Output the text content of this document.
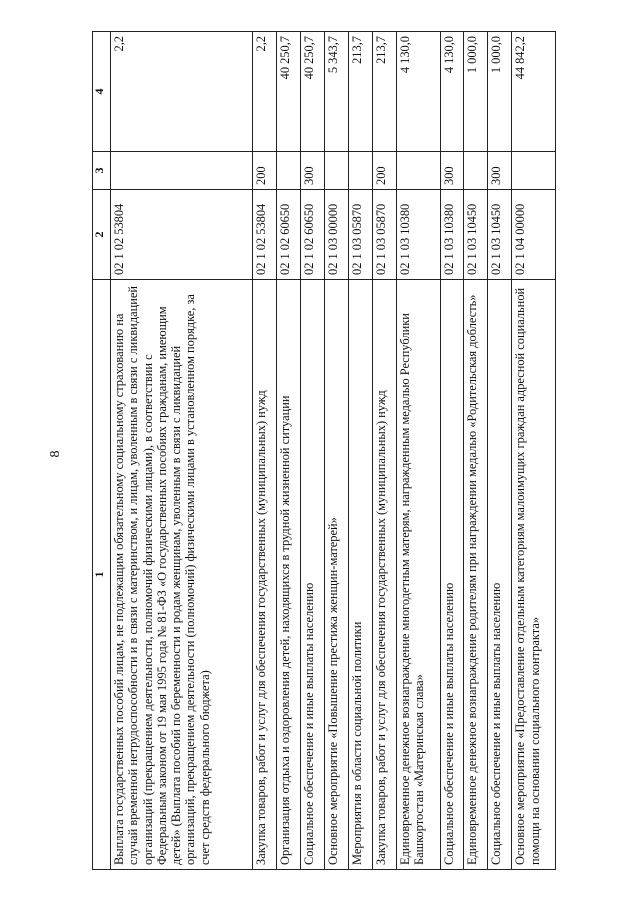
8
1	2	3	4
Выплата государственных пособий лицам, не подлежащим обязательному социальному страхованию на случай временной нетрудоспособности и в связи с материнством, и лицам, уволенным в связи с ликвидацией организаций (прекращением деятельности, полномочий физическими лицами), в соответствии с Федеральным законом от 19 мая 1995 года № 81-ФЗ «О государственных пособиях гражданам, имеющим детей» (Выплата пособий по беременности и родам женщинам, уволенным в связи с ликвидацией организаций, прекращением деятельности (полномочий) физическими лицами в установленном порядке, за счет средств федерального бюджета)	02 1 02 53804		2,2
Закупка товаров, работ и услуг для обеспечения государственных (муниципальных) нужд	02 1 02 53804	200	2,2
Организация отдыха и оздоровления детей, находящихся в трудной жизненной ситуации	02 1 02 60650		40 250,7
Социальное обеспечение и иные выплаты населению	02 1 02 60650	300	40 250,7
Основное мероприятие «Повышение престижа женщин-матерей»	02 1 03 00000		5 343,7
Мероприятия в области социальной политики	02 1 03 05870		213,7
Закупка товаров, работ и услуг для обеспечения государственных (муниципальных) нужд	02 1 03 05870	200	213,7
Единовременное денежное вознаграждение многодетным матерям, награжденным медалью Республики Башкортостан «Материнская слава»	02 1 03 10380		4 130,0
Социальное обеспечение и иные выплаты населению	02 1 03 10380	300	4 130,0
Единовременное денежное вознаграждение родителям при награждении медалью «Родительская доблесть»	02 1 03 10450		1 000,0
Социальное обеспечение и иные выплаты населению	02 1 03 10450	300	1 000,0
Основное мероприятие «Предоставление отдельным категориям малоимущих граждан адресной социальной помощи на основании социального контракта»	02 1 04 00000		44 842,2
